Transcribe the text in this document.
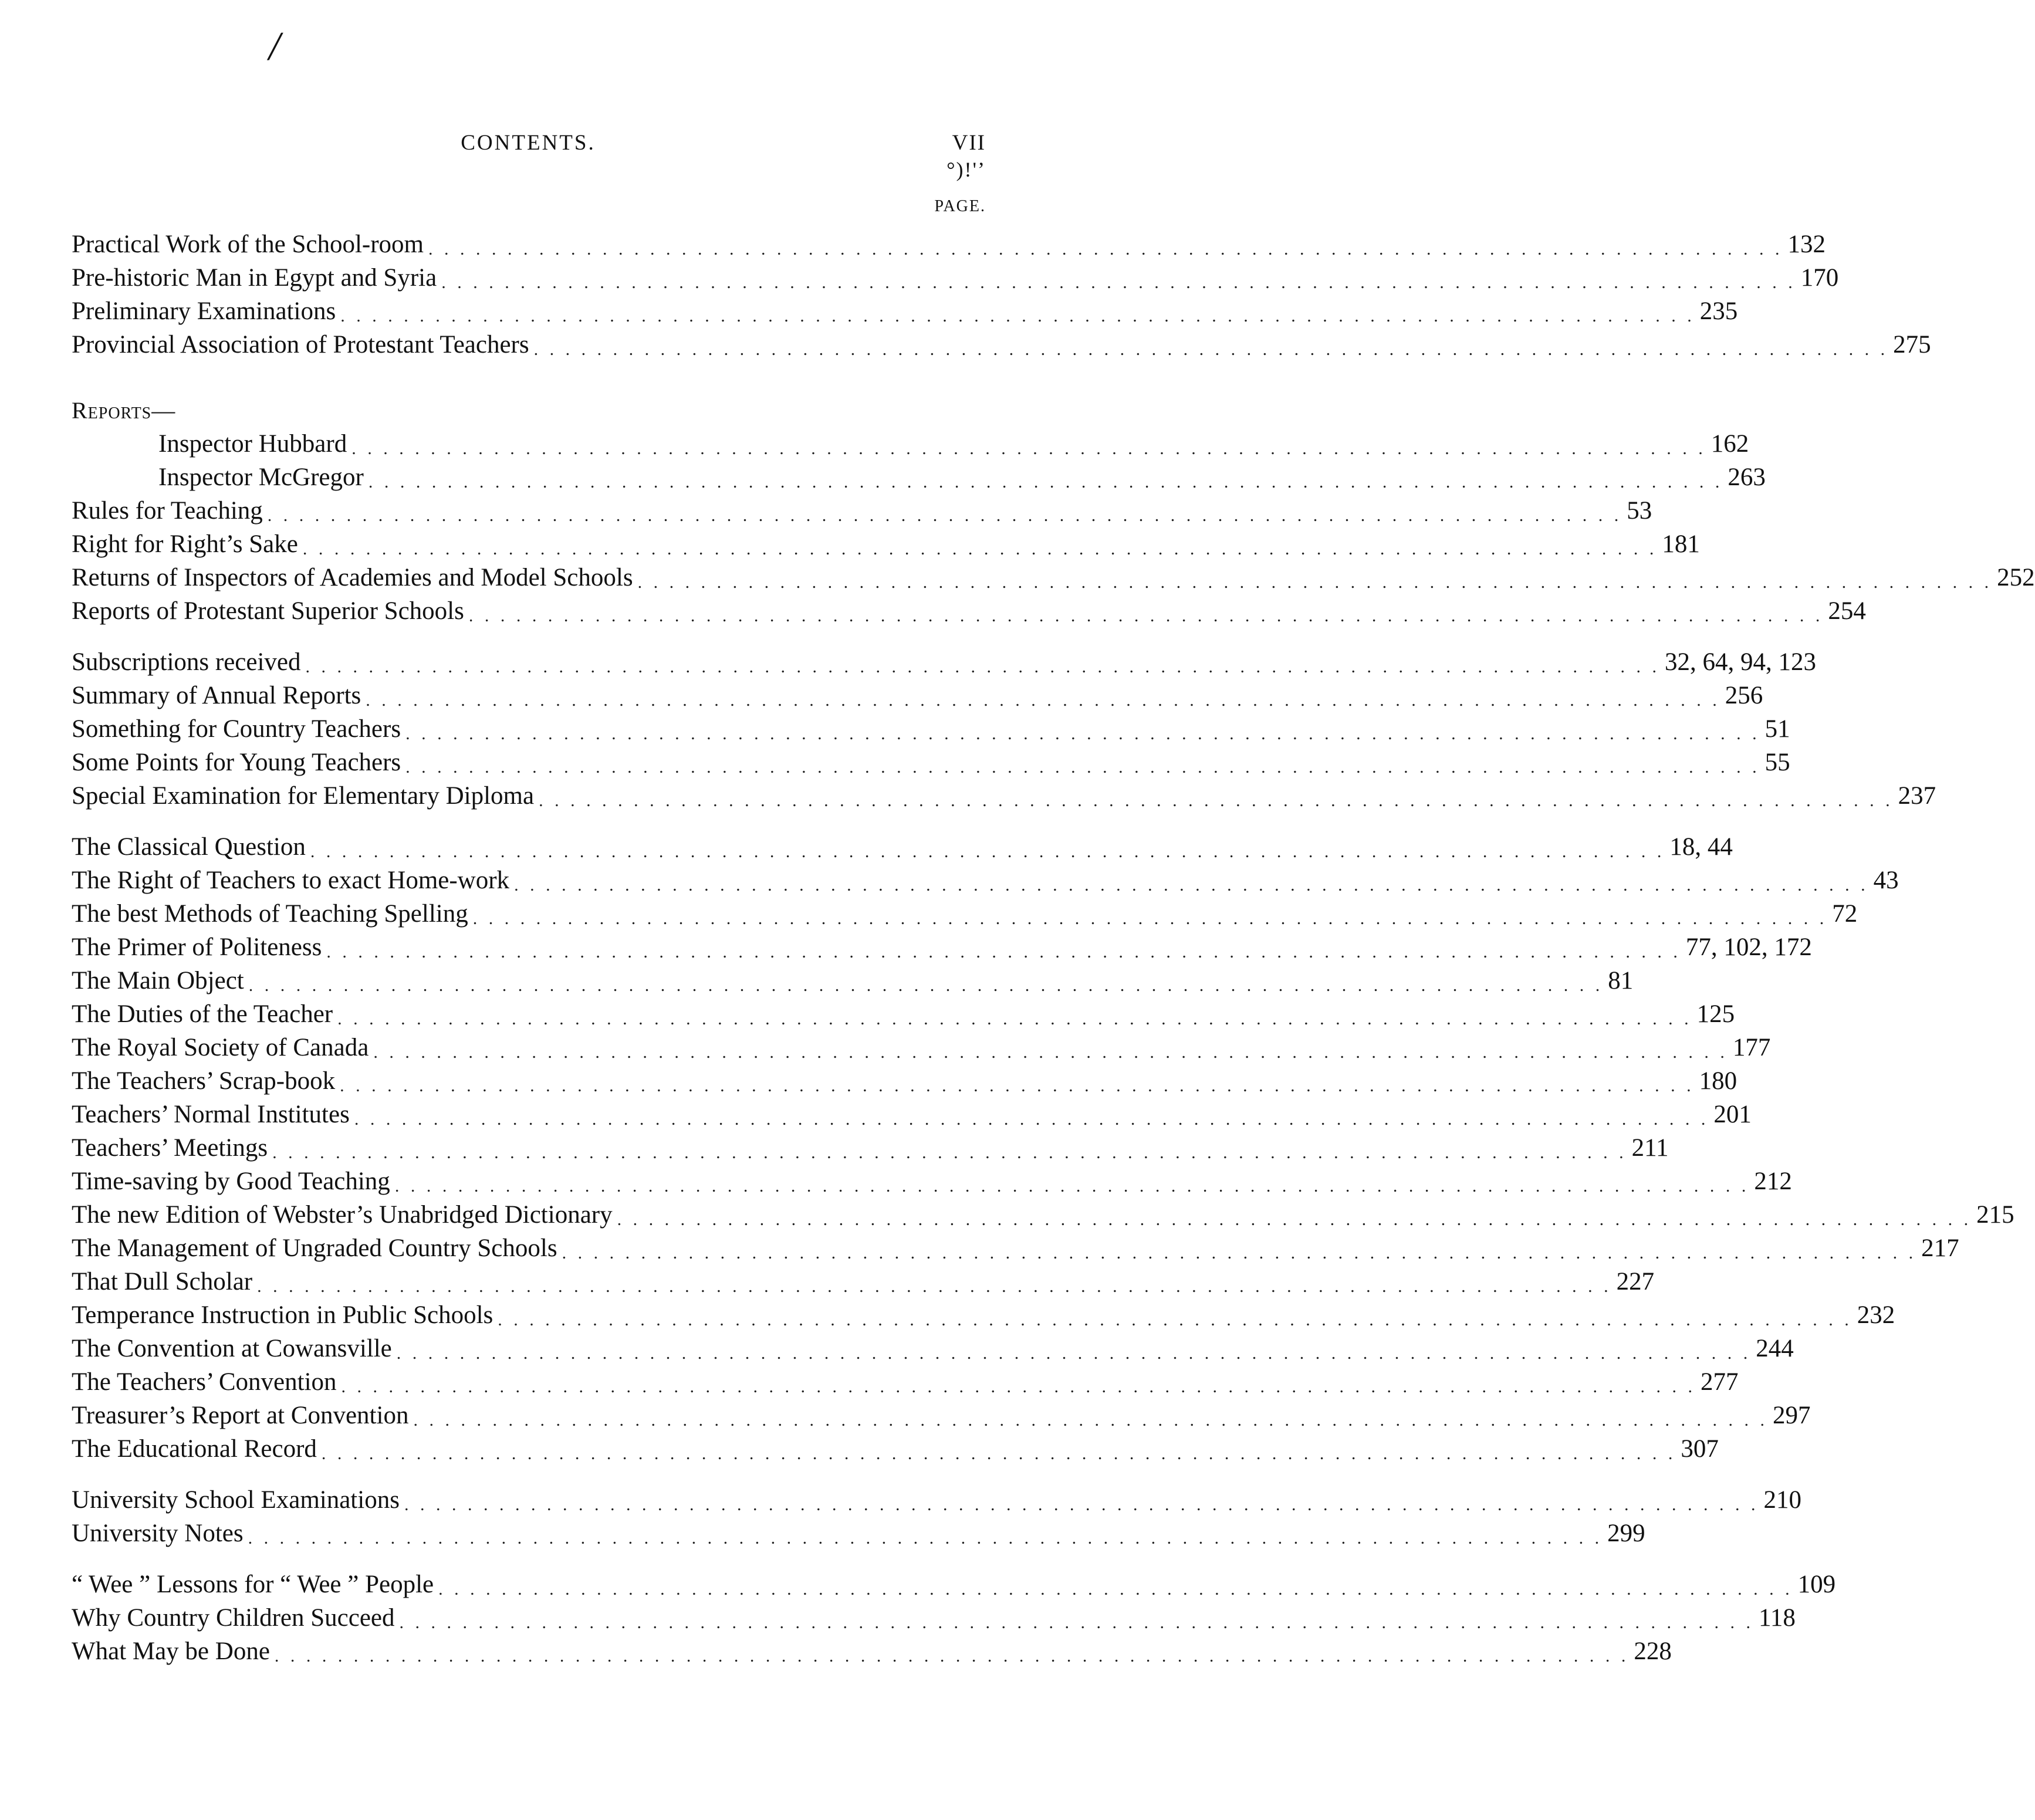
/
CONTENTS.	VII
°)!'’
PAGE.
Practical Work of the School-room . . . . . . . . . . . . . . . . . . . . . . . . . . . . . . . . . . . . . . . . . . . . . . . . . . . . . . . . . . . . . . . . . . . . . . . . . . . . . . . . . . . . . . 132
Pre-historic Man in Egypt and Syria . . . . . . . . . . . . . . . . . . . . . . . . . . . . . . . . . . . . . . . . . . . . . . . . . . . . . . . . . . . . . . . . . . . . . . . . . . . . . . . . . . . . . . 170
Preliminary Examinations . . . . . . . . . . . . . . . . . . . . . . . . . . . . . . . . . . . . . . . . . . . . . . . . . . . . . . . . . . . . . . . . . . . . . . . . . . . . . . . . . . . . . . 235
Provincial Association of Protestant Teachers . . . . . . . . . . . . . . . . . . . . . . . . . . . . . . . . . . . . . . . . . . . . . . . . . . . . . . . . . . . . . . . . . . . . . . . . . . . . . . . . . . . . . . 275
Reports—
Inspector Hubbard . . . . . . . . . . . . . . . . . . . . . . . . . . . . . . . . . . . . . . . . . . . . . . . . . . . . . . . . . . . . . . . . . . . . . . . . . . . . . . . . . . . . . . 162
Inspector McGregor . . . . . . . . . . . . . . . . . . . . . . . . . . . . . . . . . . . . . . . . . . . . . . . . . . . . . . . . . . . . . . . . . . . . . . . . . . . . . . . . . . . . . . 263
Rules for Teaching . . . . . . . . . . . . . . . . . . . . . . . . . . . . . . . . . . . . . . . . . . . . . . . . . . . . . . . . . . . . . . . . . . . . . . . . . . . . . . . . . . . . . . 53
Right for Right’s Sake . . . . . . . . . . . . . . . . . . . . . . . . . . . . . . . . . . . . . . . . . . . . . . . . . . . . . . . . . . . . . . . . . . . . . . . . . . . . . . . . . . . . . . 181
Returns of Inspectors of Academies and Model Schools . . . . . . . . . . . . . . . . . . . . . . . . . . . . . . . . . . . . . . . . . . . . . . . . . . . . . . . . . . . . . . . . . . . . . . . . . . . . . . . . . . . . . . 252
Reports of Protestant Superior Schools . . . . . . . . . . . . . . . . . . . . . . . . . . . . . . . . . . . . . . . . . . . . . . . . . . . . . . . . . . . . . . . . . . . . . . . . . . . . . . . . . . . . . . 254
Subscriptions received . . . . . . . . . . . . . . . . . . . . . . . . . . . . . . . . . . . . . . . . . . . . . . . . . . . . . . . . . . . . . . . . . . . . . . . . . . . . . . . . . . . . . . 32, 64, 94, 123
Summary of Annual Reports . . . . . . . . . . . . . . . . . . . . . . . . . . . . . . . . . . . . . . . . . . . . . . . . . . . . . . . . . . . . . . . . . . . . . . . . . . . . . . . . . . . . . . 256
Something for Country Teachers . . . . . . . . . . . . . . . . . . . . . . . . . . . . . . . . . . . . . . . . . . . . . . . . . . . . . . . . . . . . . . . . . . . . . . . . . . . . . . . . . . . . . . 51
Some Points for Young Teachers . . . . . . . . . . . . . . . . . . . . . . . . . . . . . . . . . . . . . . . . . . . . . . . . . . . . . . . . . . . . . . . . . . . . . . . . . . . . . . . . . . . . . . 55
Special Examination for Elementary Diploma . . . . . . . . . . . . . . . . . . . . . . . . . . . . . . . . . . . . . . . . . . . . . . . . . . . . . . . . . . . . . . . . . . . . . . . . . . . . . . . . . . . . . . 237
The Classical Question . . . . . . . . . . . . . . . . . . . . . . . . . . . . . . . . . . . . . . . . . . . . . . . . . . . . . . . . . . . . . . . . . . . . . . . . . . . . . . . . . . . . . . 18, 44
The Right of Teachers to exact Home-work . . . . . . . . . . . . . . . . . . . . . . . . . . . . . . . . . . . . . . . . . . . . . . . . . . . . . . . . . . . . . . . . . . . . . . . . . . . . . . . . . . . . . . 43
The best Methods of Teaching Spelling . . . . . . . . . . . . . . . . . . . . . . . . . . . . . . . . . . . . . . . . . . . . . . . . . . . . . . . . . . . . . . . . . . . . . . . . . . . . . . . . . . . . . . 72
The Primer of Politeness . . . . . . . . . . . . . . . . . . . . . . . . . . . . . . . . . . . . . . . . . . . . . . . . . . . . . . . . . . . . . . . . . . . . . . . . . . . . . . . . . . . . . . 77, 102, 172
The Main Object . . . . . . . . . . . . . . . . . . . . . . . . . . . . . . . . . . . . . . . . . . . . . . . . . . . . . . . . . . . . . . . . . . . . . . . . . . . . . . . . . . . . . . 81
The Duties of the Teacher . . . . . . . . . . . . . . . . . . . . . . . . . . . . . . . . . . . . . . . . . . . . . . . . . . . . . . . . . . . . . . . . . . . . . . . . . . . . . . . . . . . . . . 125
The Royal Society of Canada . . . . . . . . . . . . . . . . . . . . . . . . . . . . . . . . . . . . . . . . . . . . . . . . . . . . . . . . . . . . . . . . . . . . . . . . . . . . . . . . . . . . . . 177
The Teachers’ Scrap-book . . . . . . . . . . . . . . . . . . . . . . . . . . . . . . . . . . . . . . . . . . . . . . . . . . . . . . . . . . . . . . . . . . . . . . . . . . . . . . . . . . . . . . 180
Teachers’ Normal Institutes . . . . . . . . . . . . . . . . . . . . . . . . . . . . . . . . . . . . . . . . . . . . . . . . . . . . . . . . . . . . . . . . . . . . . . . . . . . . . . . . . . . . . . 201
Teachers’ Meetings . . . . . . . . . . . . . . . . . . . . . . . . . . . . . . . . . . . . . . . . . . . . . . . . . . . . . . . . . . . . . . . . . . . . . . . . . . . . . . . . . . . . . . 211
Time-saving by Good Teaching . . . . . . . . . . . . . . . . . . . . . . . . . . . . . . . . . . . . . . . . . . . . . . . . . . . . . . . . . . . . . . . . . . . . . . . . . . . . . . . . . . . . . . 212
The new Edition of Webster’s Unabridged Dictionary . . . . . . . . . . . . . . . . . . . . . . . . . . . . . . . . . . . . . . . . . . . . . . . . . . . . . . . . . . . . . . . . . . . . . . . . . . . . . . . . . . . . . . 215
The Management of Ungraded Country Schools . . . . . . . . . . . . . . . . . . . . . . . . . . . . . . . . . . . . . . . . . . . . . . . . . . . . . . . . . . . . . . . . . . . . . . . . . . . . . . . . . . . . . . 217
That Dull Scholar . . . . . . . . . . . . . . . . . . . . . . . . . . . . . . . . . . . . . . . . . . . . . . . . . . . . . . . . . . . . . . . . . . . . . . . . . . . . . . . . . . . . . . 227
Temperance Instruction in Public Schools . . . . . . . . . . . . . . . . . . . . . . . . . . . . . . . . . . . . . . . . . . . . . . . . . . . . . . . . . . . . . . . . . . . . . . . . . . . . . . . . . . . . . . 232
The Convention at Cowansville . . . . . . . . . . . . . . . . . . . . . . . . . . . . . . . . . . . . . . . . . . . . . . . . . . . . . . . . . . . . . . . . . . . . . . . . . . . . . . . . . . . . . . 244
The Teachers’ Convention . . . . . . . . . . . . . . . . . . . . . . . . . . . . . . . . . . . . . . . . . . . . . . . . . . . . . . . . . . . . . . . . . . . . . . . . . . . . . . . . . . . . . . 277
Treasurer’s Report at Convention . . . . . . . . . . . . . . . . . . . . . . . . . . . . . . . . . . . . . . . . . . . . . . . . . . . . . . . . . . . . . . . . . . . . . . . . . . . . . . . . . . . . . . 297
The Educational Record . . . . . . . . . . . . . . . . . . . . . . . . . . . . . . . . . . . . . . . . . . . . . . . . . . . . . . . . . . . . . . . . . . . . . . . . . . . . . . . . . . . . . . 307
University School Examinations . . . . . . . . . . . . . . . . . . . . . . . . . . . . . . . . . . . . . . . . . . . . . . . . . . . . . . . . . . . . . . . . . . . . . . . . . . . . . . . . . . . . . . 210
University Notes . . . . . . . . . . . . . . . . . . . . . . . . . . . . . . . . . . . . . . . . . . . . . . . . . . . . . . . . . . . . . . . . . . . . . . . . . . . . . . . . . . . . . . 299
“ Wee ” Lessons for “ Wee ” People . . . . . . . . . . . . . . . . . . . . . . . . . . . . . . . . . . . . . . . . . . . . . . . . . . . . . . . . . . . . . . . . . . . . . . . . . . . . . . . . . . . . . . 109
Why Country Children Succeed . . . . . . . . . . . . . . . . . . . . . . . . . . . . . . . . . . . . . . . . . . . . . . . . . . . . . . . . . . . . . . . . . . . . . . . . . . . . . . . . . . . . . . 118
What May be Done . . . . . . . . . . . . . . . . . . . . . . . . . . . . . . . . . . . . . . . . . . . . . . . . . . . . . . . . . . . . . . . . . . . . . . . . . . . . . . . . . . . . . . 228
